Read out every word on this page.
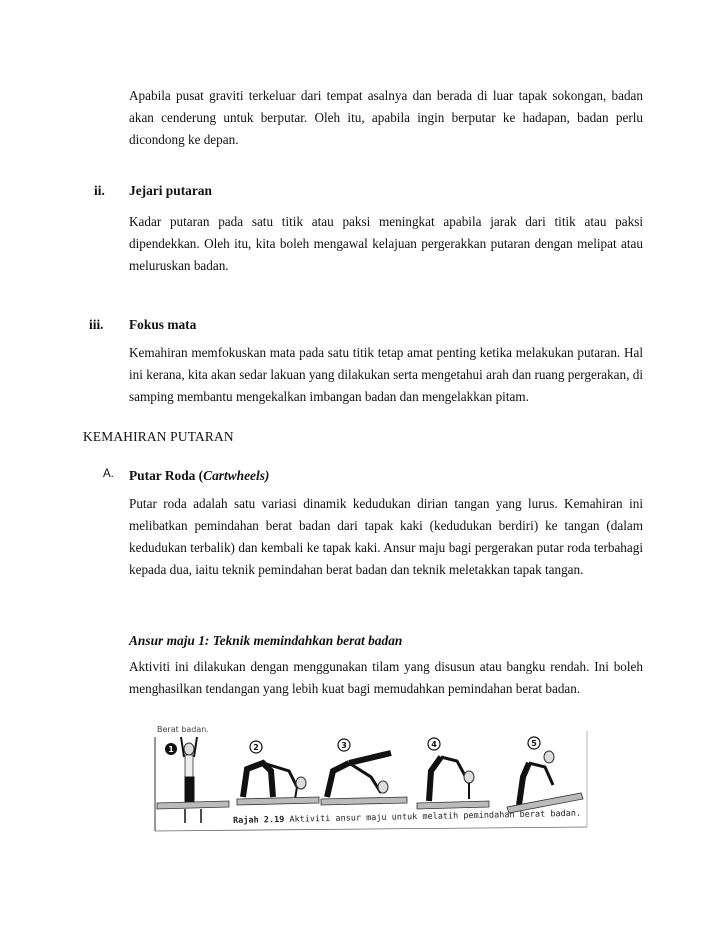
Apabila pusat graviti terkeluar dari tempat asalnya dan berada di luar tapak sokongan, badan akan cenderung untuk berputar. Oleh itu, apabila ingin berputar ke hadapan, badan perlu dicondong ke depan.
ii. Jejari putaran
Kadar putaran pada satu titik atau paksi meningkat apabila jarak dari titik atau paksi dipendekkan. Oleh itu, kita boleh mengawal kelajuan pergerakkan putaran dengan melipat atau meluruskan badan.
iii. Fokus mata
Kemahiran memfokuskan mata pada satu titik tetap amat penting ketika melakukan putaran. Hal ini kerana, kita akan sedar lakuan yang dilakukan serta mengetahui arah dan ruang pergerakan, di samping membantu mengekalkan imbangan badan dan mengelakkan pitam.
KEMAHIRAN PUTARAN
A. Putar Roda (Cartwheels)
Putar roda adalah satu variasi dinamik kedudukan dirian tangan yang lurus. Kemahiran ini melibatkan pemindahan berat badan dari tapak kaki (kedudukan berdiri) ke tangan (dalam kedudukan terbalik) dan kembali ke tapak kaki. Ansur maju bagi pergerakan putar roda terbahagi kepada dua, iaitu teknik pemindahan berat badan dan teknik meletakkan tapak tangan.
Ansur maju 1: Teknik memindahkan berat badan
Aktiviti ini dilakukan dengan menggunakan tilam yang disusun atau bangku rendah. Ini boleh menghasilkan tendangan yang lebih kuat bagi memudahkan pemindahan berat badan.
Berat badan.
1	2	3	4	5
Rajah 2.19 Aktiviti ansur maju untuk melatih pemindahan berat badan.
